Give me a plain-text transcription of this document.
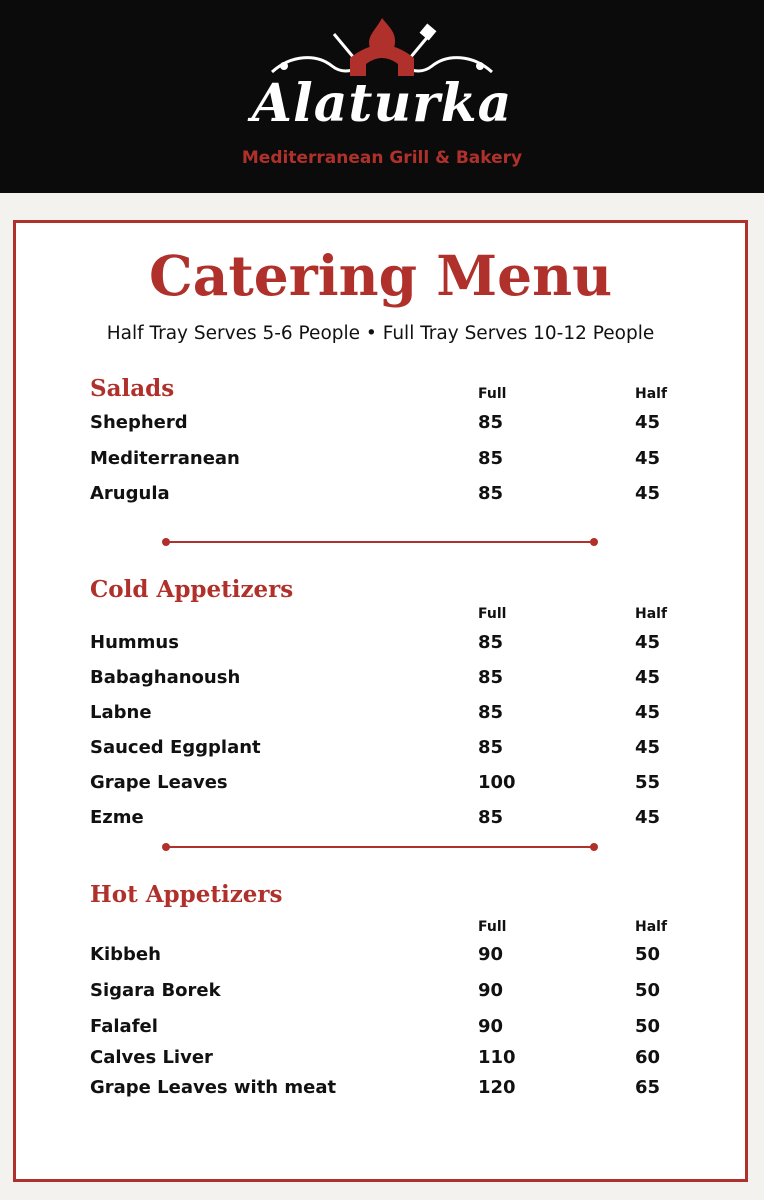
Alaturka
Mediterranean Grill & Bakery
Catering Menu
Half Tray Serves 5-6 People • Full Tray Serves 10-12 People
Salads	Full	Half
Shepherd	85	45
Mediterranean	85	45
Arugula	85	45
Cold Appetizers
Full	Half
Hummus	85	45
Babaghanoush	85	45
Labne	85	45
Sauced Eggplant	85	45
Grape Leaves	100	55
Ezme	85	45
Hot Appetizers
Full	Half
Kibbeh	90	50
Sigara Borek	90	50
Falafel	90	50
Calves Liver	110	60
Grape Leaves with meat	120	65
